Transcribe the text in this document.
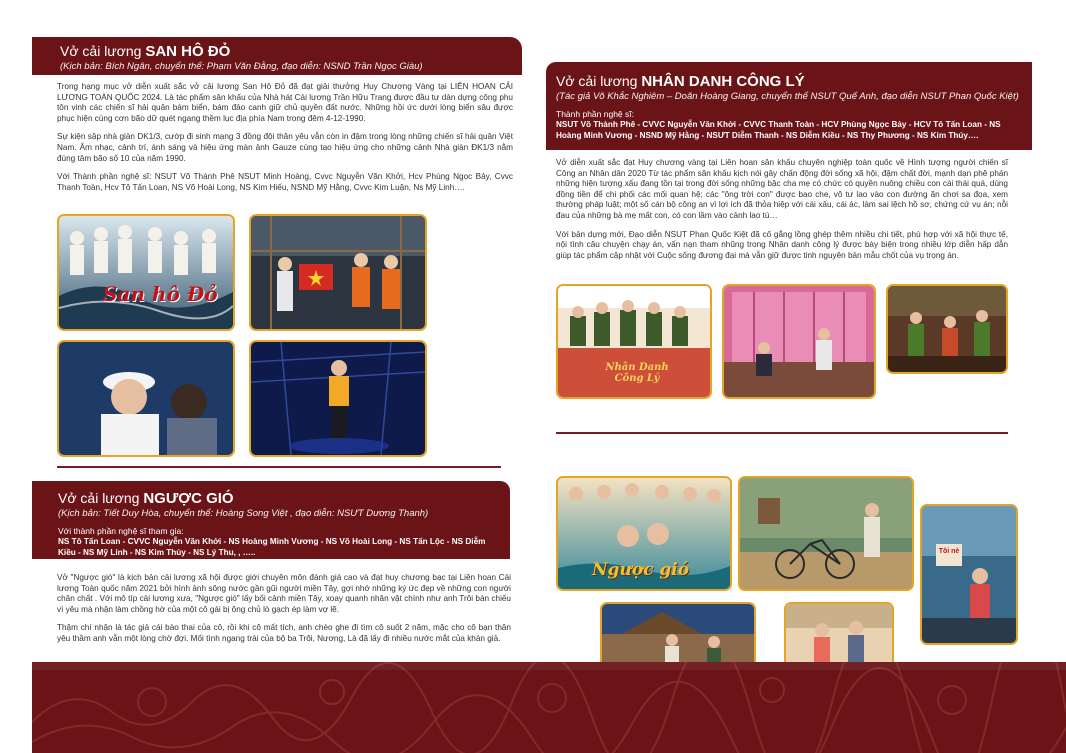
Vở cải lương SAN HÔ ĐỎ
(Kịch bản: Bích Ngân, chuyển thể: Phạm Văn Đằng, đạo diễn: NSND Trần Ngọc Giàu)

Trong hạng mục vở diễn xuất sắc vở cải lương San Hô Đỏ đã đạt giải thưởng Huy Chương Vàng tại LIÊN HOAN CẢI LƯƠNG TOÀN QUỐC 2024. Là tác phẩm sân khấu của Nhà hát Cải lương Trần Hữu Trang được đầu tư dàn dựng công phu tôn vinh các chiến sĩ hải quân bám biển, bám đảo canh giữ chủ quyền đất nước. Những hồi ức dưới lòng biển sâu được phục hiện cùng cơn bão dữ quét ngang thềm lục địa phía Nam trong đêm 4-12-1990.

Sự kiện sập nhà giàn DK1/3, cướp đi sinh mạng 3 đồng đội thân yêu vẫn còn in đậm trong lòng những chiến sĩ hải quân Việt Nam. Âm nhạc, cảnh trí, ánh sáng và hiệu ứng màn ảnh Gauze cùng tạo hiệu ứng cho những cảnh Nhà giàn ĐK1/3 nằm đúng tâm bão số 10 của năm 1990.

Với Thành phần nghệ sĩ: NSUT Võ Thành Phê NSUT Minh Hoàng, Cvvc Nguyễn Văn Khởi, Hcv Phùng Ngọc Bảy, Cvvc Thanh Toàn, Hcv Tô Tấn Loan, NS Võ Hoài Long, NS Kim Hiếu, NSND Mỹ Hằng, Cvvc Kim Luận, Ns Mỹ Linh….

San hô Đỏ
Vở cải lương NGƯỢC GIÓ
(Kịch bản: Tiết Duy Hòa, chuyển thể: Hoàng Song Việt , đạo diễn: NSƯT Dương Thanh)
Với thành phần nghệ sĩ tham gia:
NS Tô Tấn Loan - CVVC Nguyễn Văn Khởi - NS Hoàng Minh Vương - NS Võ Hoài Long - NS Tấn Lộc - NS Diễm Kiều - NS Mỹ Linh - NS Kim Thủy - NS Lý Thu, , …..

Vở "Ngược gió" là kịch bản cải lương xã hội được giới chuyên môn đánh giá cao và đạt huy chương bạc tại Liên hoan Cải lương Toàn quốc năm 2021 bởi hình ảnh sông nước gần gũi người miền Tây, gợi nhớ những ký ức đẹp về những con người chân chất . Với mô típ cải lương xưa, "Ngược gió" lấy bối cảnh miền Tây, xoay quanh nhân vật chính như anh Trôi bán chiếu vì yêu mà nhận làm chồng hờ của một cô gái bị ông chủ lò gạch ép làm vợ lẽ.

Thậm chí nhận là tác giả cái bào thai của cô, rồi khi cô mất tích, anh chèo ghe đi tìm cô suốt 2 năm, mặc cho cô bạn thân yêu thầm anh vẫn một lòng chờ đợi. Mối tình ngang trái của bộ ba Trôi, Nương, Là đã lấy đi nhiều nước mắt của khán giả.

Vở cải lương NHÂN DANH CÔNG LÝ
(Tác giả Võ Khắc Nghiêm – Doãn Hoàng Giang, chuyển thể NSUT Quế Anh, đạo diễn NSUT Phan Quốc Kiệt)
Thành phần nghệ sĩ:
NSUT Võ Thành Phê - CVVC Nguyễn Văn Khởi - CVVC Thanh Toàn - HCV Phùng Ngọc Bảy - HCV Tô Tấn Loan - NS Hoàng Minh Vương - NSND Mỹ Hằng - NSƯT Diễm Thanh - NS Diễm Kiều - NS Thy Phương - NS Kim Thúy….

Vở diễn xuất sắc đạt Huy chương vàng tại Liên hoan sân khấu chuyên nghiệp toàn quốc về Hình tượng người chiến sĩ Công an Nhân dân 2020 Từ tác phẩm sân khấu kịch nói gây chấn động đời sống xã hội, đậm chất đời, mạnh dạn phê phán những hiện tượng xấu đang tồn tại trong đời sống những bậc cha mẹ có chức có quyền nuông chiều con cái thái quá, dùng đồng tiền để chi phối các mối quan hệ; các "ông trời con" được bao che, vô tư lao vào con đường ăn chơi sa đọa, xem thường pháp luật; một số cán bộ công an vì lợi ích đã thỏa hiệp với cái xấu, cái ác, làm sai lệch hồ sơ, chứng cứ vụ án; nỗi đau của những bà mẹ mất con, có con lầm vào cảnh lao tù…

Với bản dựng mới, Đạo diễn NSUT Phan Quốc Kiệt đã cố gắng lồng ghép thêm nhiều chi tiết, phù hợp với xã hội thực tế, nội tình câu chuyện chạy án, vấn nạn tham nhũng trong Nhân danh công lý được bày biện trong nhiều lớp diễn hấp dẫn giúp tác phẩm cập nhật với Cuộc sống đương đại mà vẫn giữ được tinh nguyên bản mẫu chốt của vụ trọng án.

Nhân Danh Công Lý
Ngược gió
Tôi nè
